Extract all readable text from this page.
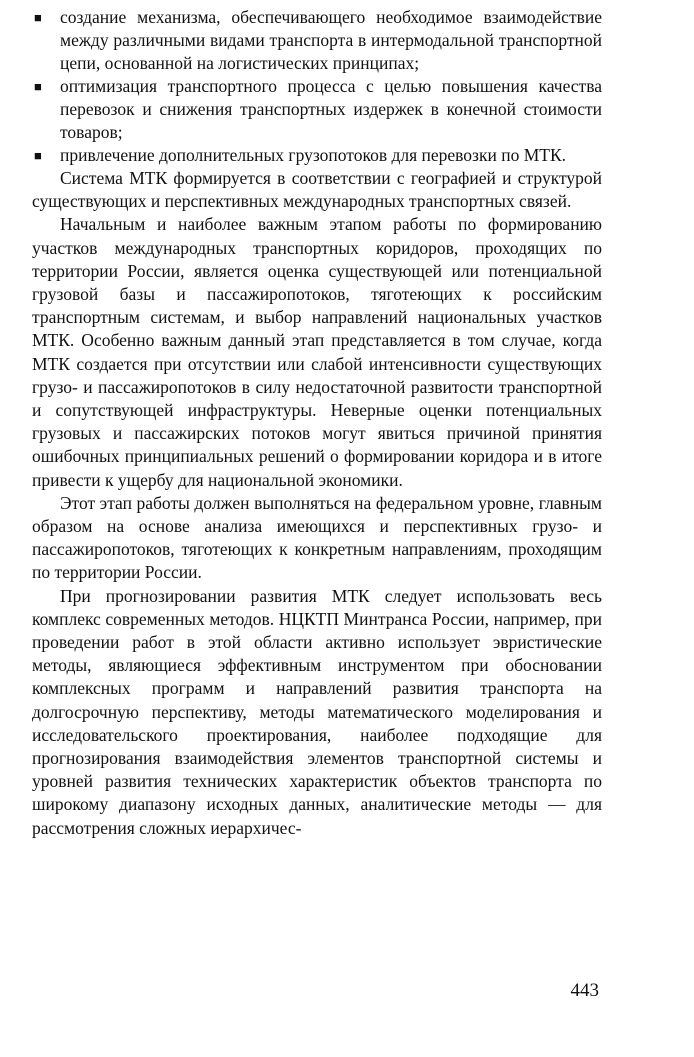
■ создание механизма, обеспечивающего необходимое взаимодействие между различными видами транспорта в интермодальной транспортной цепи, основанной на логистических принципах;
■ оптимизация транспортного процесса с целью повышения качества перевозок и снижения транспортных издержек в конечной стоимости товаров;
■ привлечение дополнительных грузопотоков для перевозки по МТК.

Система МТК формируется в соответствии с географией и структурой существующих и перспективных международных транспортных связей.

Начальным и наиболее важным этапом работы по формированию участков международных транспортных коридоров, проходящих по территории России, является оценка существующей или потенциальной грузовой базы и пассажиропотоков, тяготеющих к российским транспортным системам, и выбор направлений национальных участков МТК. Особенно важным данный этап представляется в том случае, когда МТК создается при отсутствии или слабой интенсивности существующих грузо- и пассажиропотоков в силу недостаточной развитости транспортной и сопутствующей инфраструктуры. Неверные оценки потенциальных грузовых и пассажирских потоков могут явиться причиной принятия ошибочных принципиальных решений о формировании коридора и в итоге привести к ущербу для национальной экономики.

Этот этап работы должен выполняться на федеральном уровне, главным образом на основе анализа имеющихся и перспективных грузо- и пассажиропотоков, тяготеющих к конкретным направлениям, проходящим по территории России.

При прогнозировании развития МТК следует использовать весь комплекс современных методов. НЦКТП Минтранса России, например, при проведении работ в этой области активно использует эвристические методы, являющиеся эффективным инструментом при обосновании комплексных программ и направлений развития транспорта на долгосрочную перспективу, методы математического моделирования и исследовательского проектирования, наиболее подходящие для прогнозирования взаимодействия элементов транспортной системы и уровней развития технических характеристик объектов транспорта по широкому диапазону исходных данных, аналитические методы — для рассмотрения сложных иерархичес-

443
